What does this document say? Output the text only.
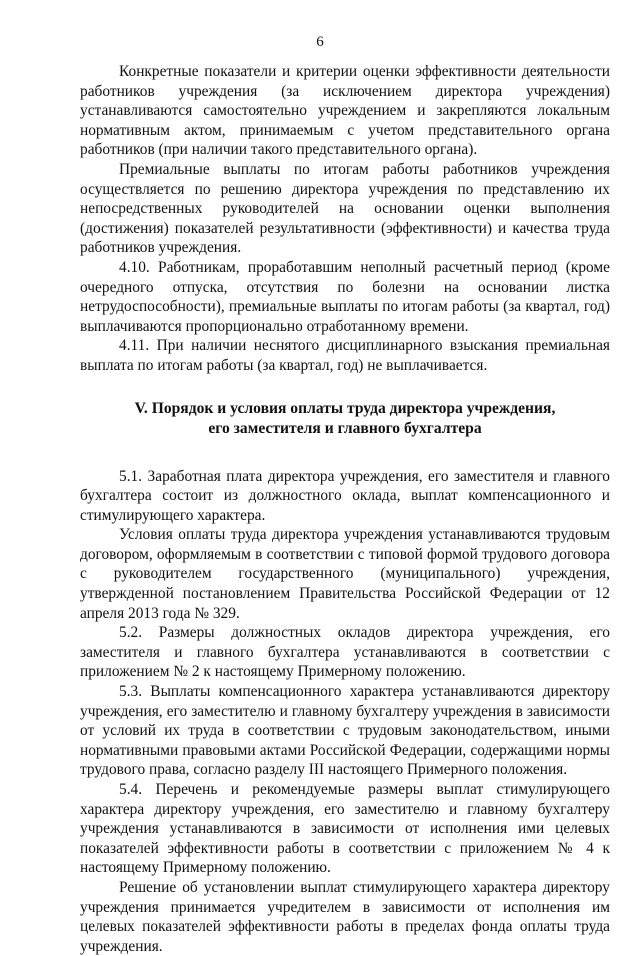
6

Конкретные показатели и критерии оценки эффективности деятельности работников учреждения (за исключением директора учреждения) устанавливаются самостоятельно учреждением и закрепляются локальным нормативным актом, принимаемым с учетом представительного органа работников (при наличии такого представительного органа).

Премиальные выплаты по итогам работы работников учреждения осуществляется по решению директора учреждения по представлению их непосредственных руководителей на основании оценки выполнения (достижения) показателей результативности (эффективности) и качества труда работников учреждения.

4.10. Работникам, проработавшим неполный расчетный период (кроме очередного отпуска, отсутствия по болезни на основании листка нетрудоспособности), премиальные выплаты по итогам работы (за квартал, год) выплачиваются пропорционально отработанному времени.

4.11. При наличии неснятого дисциплинарного взыскания премиальная выплата по итогам работы (за квартал, год) не выплачивается.

V. Порядок и условия оплаты труда директора учреждения,
его заместителя и главного бухгалтера

5.1. Заработная плата директора учреждения, его заместителя и главного бухгалтера состоит из должностного оклада, выплат компенсационного и стимулирующего характера.

Условия оплаты труда директора учреждения устанавливаются трудовым договором, оформляемым в соответствии с типовой формой трудового договора с руководителем государственного (муниципального) учреждения, утвержденной постановлением Правительства Российской Федерации от 12 апреля 2013 года № 329.

5.2. Размеры должностных окладов директора учреждения, его заместителя и главного бухгалтера устанавливаются в соответствии с приложением № 2 к настоящему Примерному положению.

5.3. Выплаты компенсационного характера устанавливаются директору учреждения, его заместителю и главному бухгалтеру учреждения в зависимости от условий их труда в соответствии с трудовым законодательством, иными нормативными правовыми актами Российской Федерации, содержащими нормы трудового права, согласно разделу III настоящего Примерного положения.

5.4. Перечень и рекомендуемые размеры выплат стимулирующего характера директору учреждения, его заместителю и главному бухгалтеру учреждения устанавливаются в зависимости от исполнения ими целевых показателей эффективности работы в соответствии с приложением № 4 к настоящему Примерному положению.

Решение об установлении выплат стимулирующего характера директору учреждения принимается учредителем в зависимости от исполнения им целевых показателей эффективности работы в пределах фонда оплаты труда учреждения.
